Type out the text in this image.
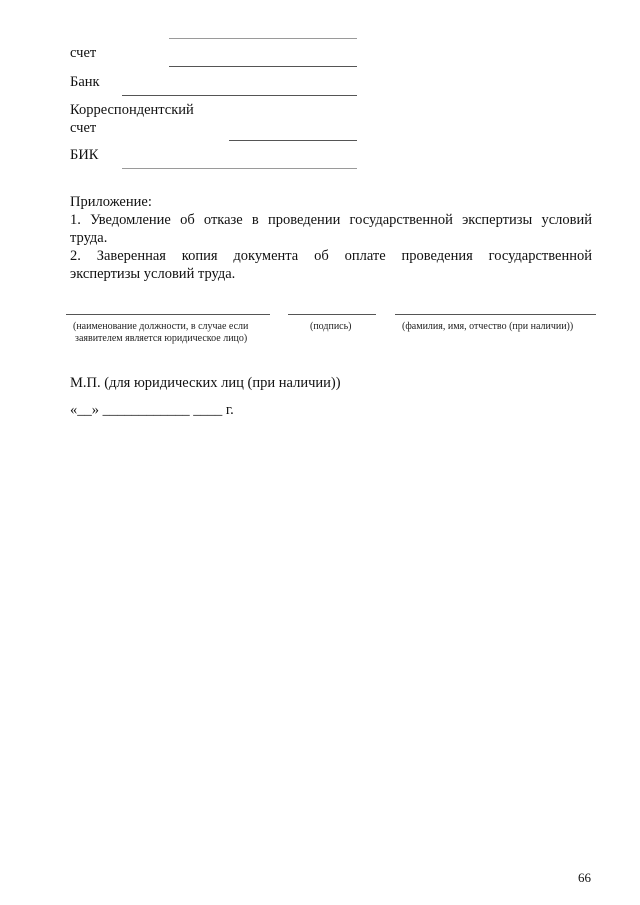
счет
Банк
Корреспондентский
счет
БИК
Приложение:
1. Уведомление об отказе в проведении государственной экспертизы условий
труда.
2. Заверенная копия документа об оплате проведения государственной
экспертизы условий труда.
(наименование должности, в случае если
заявителем является юридическое лицо)
(подпись)	(фамилия, имя, отчество (при наличии))
М.П. (для юридических лиц (при наличии))
«__» ____________ ____ г.
66
